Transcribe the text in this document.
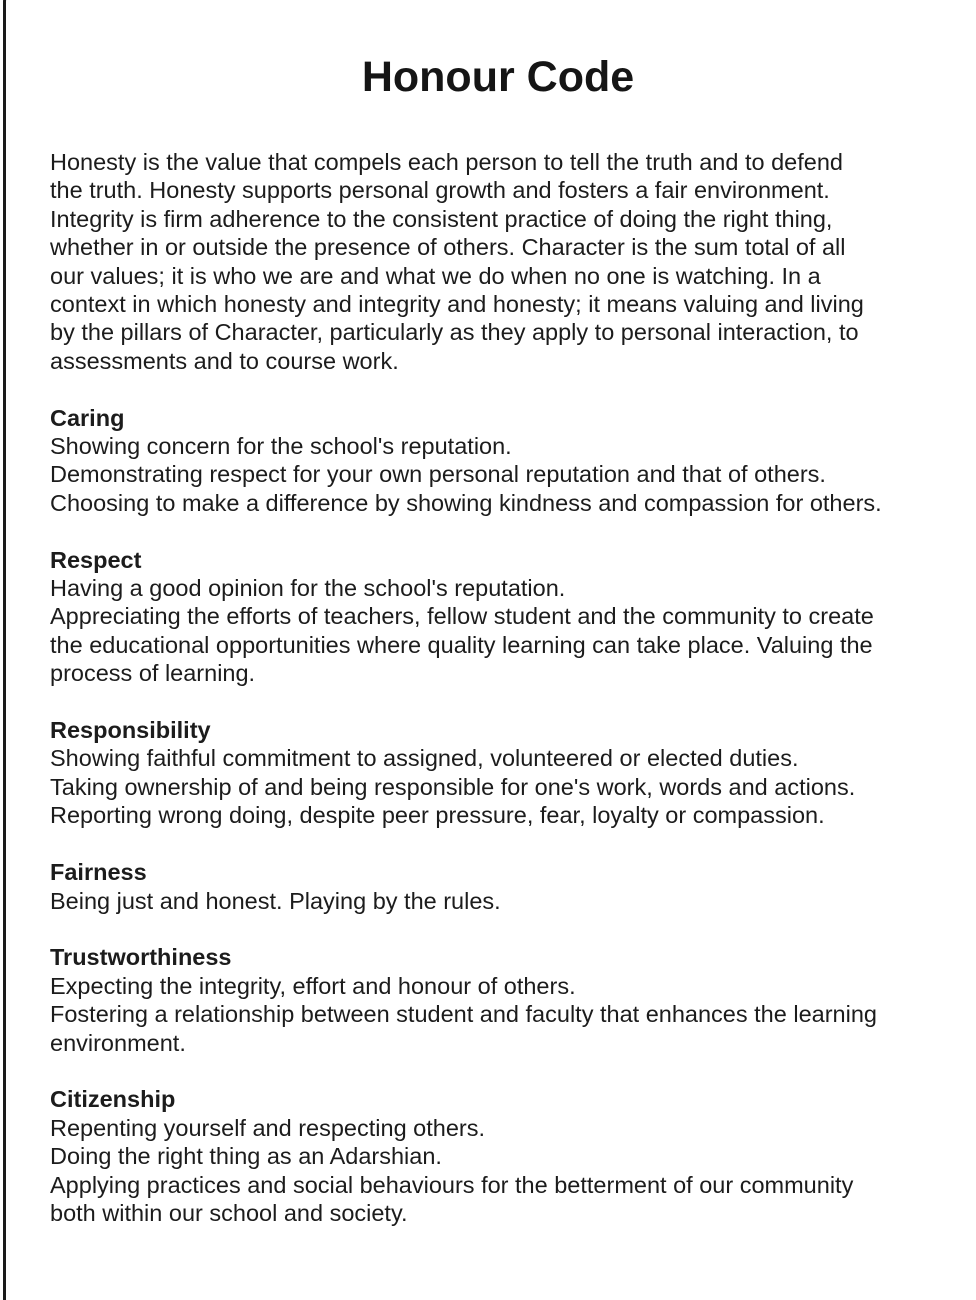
Honour Code
Honesty is the value that compels each person to tell the truth and to defend
the truth. Honesty supports personal growth and fosters a fair environment.
Integrity is firm adherence to the consistent practice of doing the right thing,
whether in or outside the presence of others. Character is the sum total of all
our values; it is who we are and what we do when no one is watching. In a
context in which honesty and integrity and honesty; it means valuing and living
by the pillars of Character, particularly as they apply to personal interaction, to
assessments and to course work.
Caring
Showing concern for the school's reputation.
Demonstrating respect for your own personal reputation and that of others.
Choosing to make a difference by showing kindness and compassion for others.
Respect
Having a good opinion for the school's reputation.
Appreciating the efforts of teachers, fellow student and the community to create
the educational opportunities where quality learning can take place. Valuing the
process of learning.
Responsibility
Showing faithful commitment to assigned, volunteered or elected duties.
Taking ownership of and being responsible for one's work, words and actions.
Reporting wrong doing, despite peer pressure, fear, loyalty or compassion.
Fairness
Being just and honest. Playing by the rules.
Trustworthiness
Expecting the integrity, effort and honour of others.
Fostering a relationship between student and faculty that enhances the learning
environment.
Citizenship
Repenting yourself and respecting others.
Doing the right thing as an Adarshian.
Applying practices and social behaviours for the betterment of our community
both within our school and society.
